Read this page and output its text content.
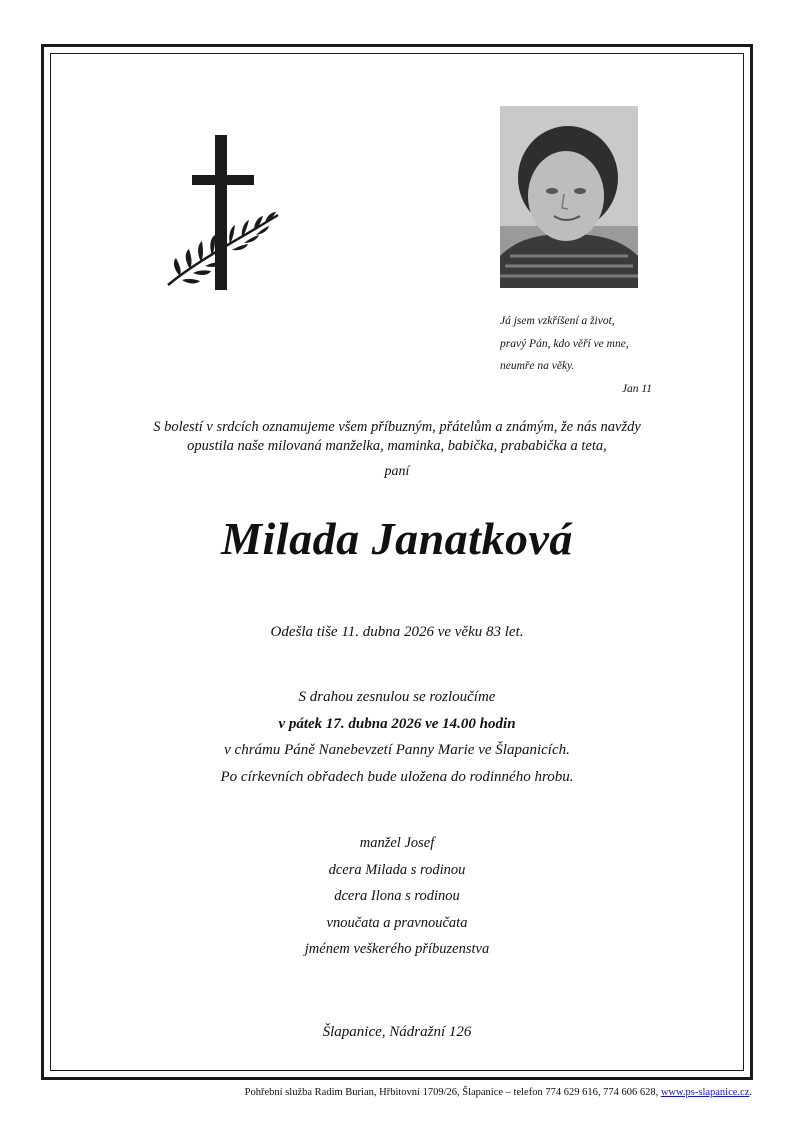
Já jsem vzkříšení a život,
pravý Pán, kdo věří ve mne,
neumře na věky.
Jan 11
S bolestí v srdcích oznamujeme všem příbuzným, přátelům a známým, že nás navždy
opustila naše milovaná manželka, maminka, babička, prababička a teta,
paní
Milada Janatková
Odešla tiše 11. dubna 2026 ve věku 83 let.
S drahou zesnulou se rozloučíme
v pátek 17. dubna 2026 ve 14.00 hodin
v chrámu Páně Nanebevzetí Panny Marie ve Šlapanicích.
Po církevních obřadech bude uložena do rodinného hrobu.
manžel Josef
dcera Milada s rodinou
dcera Ilona s rodinou
vnoučata a pravnoučata
jménem veškerého příbuzenstva
Šlapanice, Nádražní 126
Pohřební služba Radim Burian, Hřbitovní 1709/26, Šlapanice – telefon 774 629 616, 774 606 628, www.ps-slapanice.cz.
